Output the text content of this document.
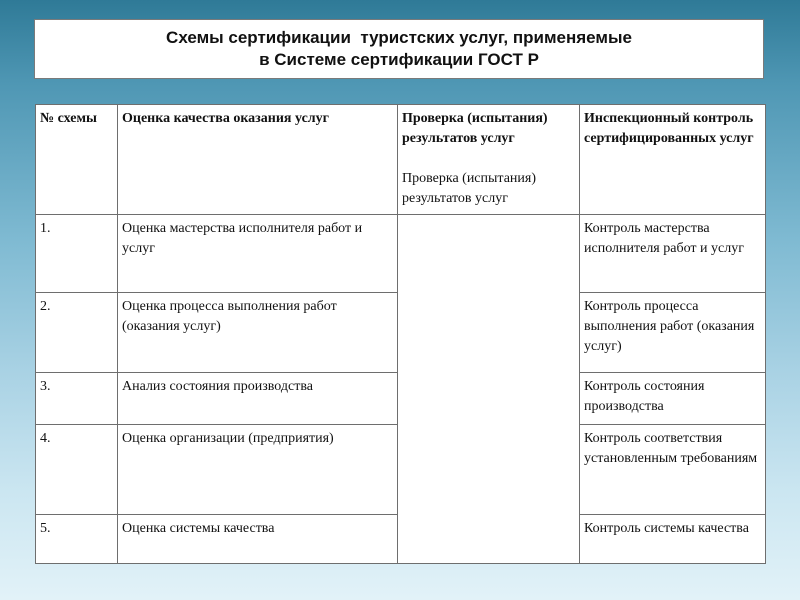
Схемы сертификации  туристских услуг, применяемые
в Системе сертификации ГОСТ Р
№ схемы	Оценка качества оказания услуг	Проверка (испытания) результатов услуг	Инспекционный контроль сертифицированных услуг
1.	Оценка мастерства исполнителя работ и услуг	Проверка (испытания) результатов услуг	Контроль мастерства исполнителя работ и услуг
2.	Оценка процесса выполнения работ (оказания услуг)		Контроль процесса выполнения работ (оказания услуг)
3.	Анализ состояния производства		Контроль состояния производства
4.	Оценка организации (предприятия)		Контроль соответствия установленным требованиям
5.	Оценка системы качества		Контроль системы качества
